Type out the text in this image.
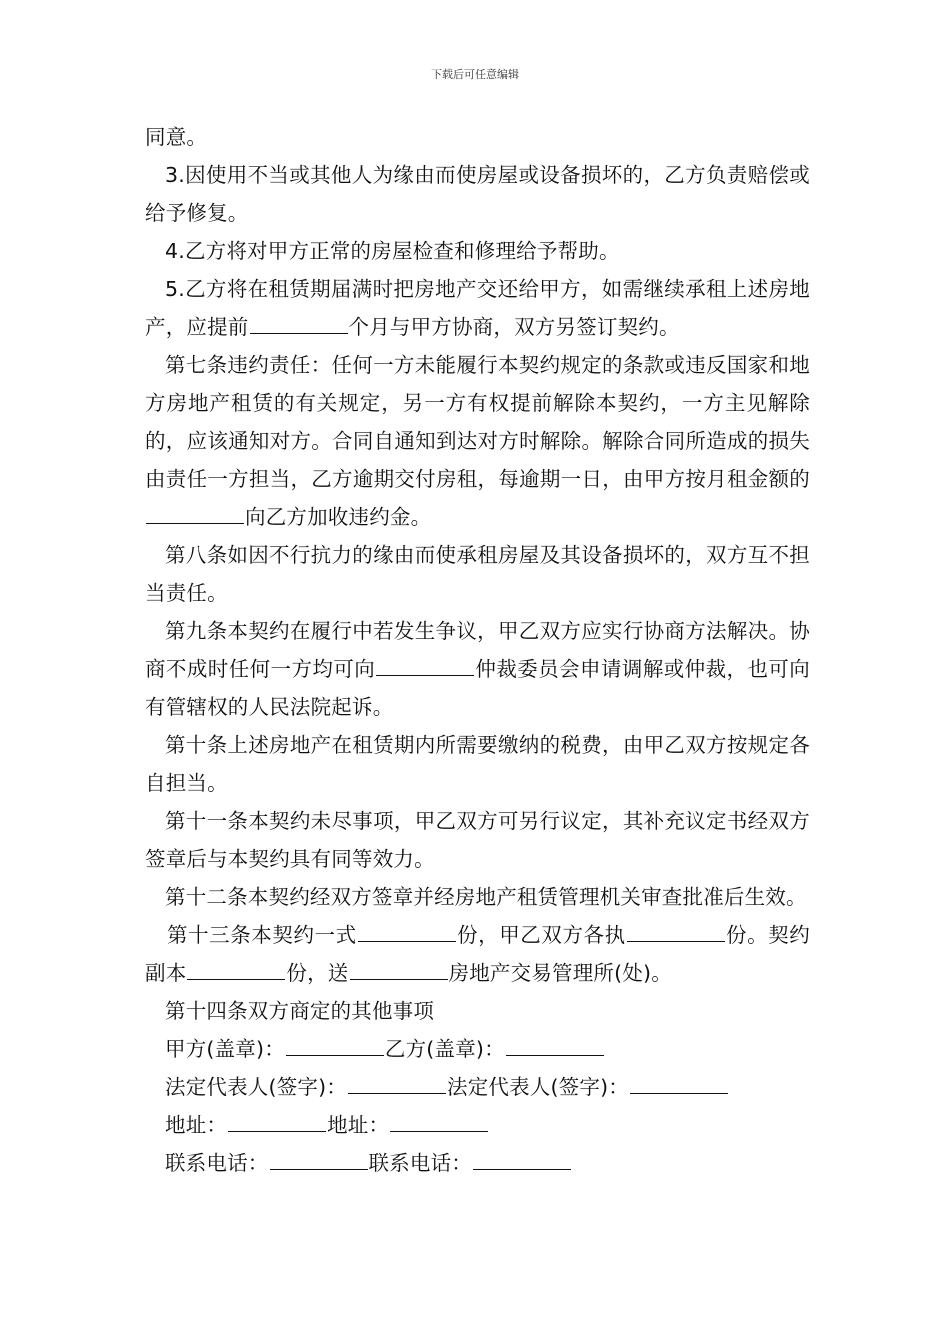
下载后可任意编辑

同意。

3.因使用不当或其他人为缘由而使房屋或设备损坏的，乙方负责赔偿或给予修复。

4.乙方将对甲方正常的房屋检查和修理给予帮助。

5.乙方将在租赁期届满时把房地产交还给甲方，如需继续承租上述房地产，应提前	个月与甲方协商，双方另签订契约。

第七条违约责任：任何一方未能履行本契约规定的条款或违反国家和地方房地产租赁的有关规定，另一方有权提前解除本契约，一方主见解除的，应该通知对方。合同自通知到达对方时解除。解除合同所造成的损失由责任一方担当，乙方逾期交付房租，每逾期一日，由甲方按月租金额的向乙方加收违约金。

第八条如因不行抗力的缘由而使承租房屋及其设备损坏的，双方互不担当责任。

第九条本契约在履行中若发生争议，甲乙双方应实行协商方法解决。协商不成时任何一方均可向	仲裁委员会申请调解或仲裁，也可向有管辖权的人民法院起诉。

第十条上述房地产在租赁期内所需要缴纳的税费，由甲乙双方按规定各自担当。

第十一条本契约未尽事项，甲乙双方可另行议定，其补充议定书经双方签章后与本契约具有同等效力。

第十二条本契约经双方签章并经房地产租赁管理机关审查批准后生效。

第十三条本契约一式	份，甲乙双方各执	份。契约副本	份，送	房地产交易管理所(处)。

第十四条双方商定的其他事项

甲方(盖章)：	乙方(盖章)：

法定代表人(签字)：	法定代表人(签字)：

地址：	地址：

联系电话：	联系电话：
